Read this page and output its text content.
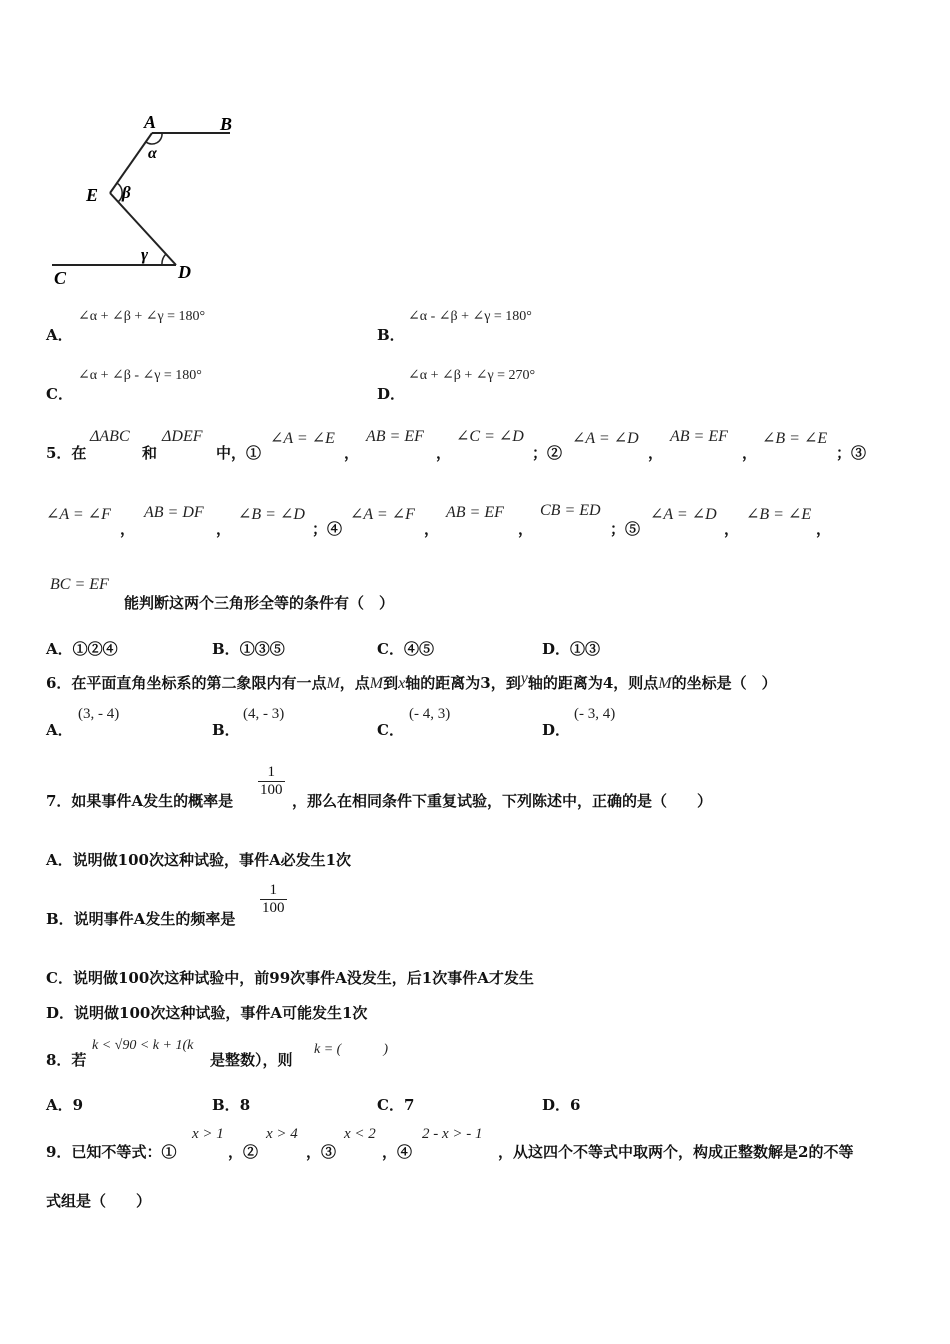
A	B
E
C	D
α
β
γ
A．
∠α + ∠β + ∠γ = 180°
B．
∠α - ∠β + ∠γ = 180°
C．
∠α + ∠β - ∠γ = 180°
D．
∠α + ∠β + ∠γ = 270°
5．在
ΔABC
和
ΔDEF
中，①
∠A = ∠E
，
AB = EF
，
∠C = ∠D
；②
∠A = ∠D
，
AB = EF
，
∠B = ∠E
；③
∠A = ∠F
，
AB = DF
，
∠B = ∠D
；④
∠A = ∠F
，
AB = EF
，
CB = ED
；⑤
∠A = ∠D
，
∠B = ∠E
，
BC = EF
能判断这两个三角形全等的条件有（　）
A．①②④	B．①③⑤	C．④⑤	D．①③
6．在平面直角坐标系的第二象限内有一点M，点M到x轴的距离为3，到y轴的距离为4，则点M的坐标是（　）
A．
(3, - 4)
B．
(4, - 3)
C．
(- 4, 3)
D．
(- 3, 4)
7．如果事件A发生的概率是
$\frac{1}{100}$
，那么在相同条件下重复试验，下列陈述中，正确的是（　　）
A．说明做100次这种试验，事件A必发生1次
B．说明事件A发生的频率是
$\frac{1}{100}$
C．说明做100次这种试验中，前99次事件A没发生，后1次事件A才发生
D．说明做100次这种试验，事件A可能发生1次
8．若
k < √90 < k + 1(k
是整数），则
k = (　　　)
A．9	B．8	C．7	D．6
9．已知不等式：①
x > 1
，②
x > 4
，③
x < 2
，④
2 - x > - 1
，从这四个不等式中取两个，构成正整数解是2的不等
式组是（　　）
